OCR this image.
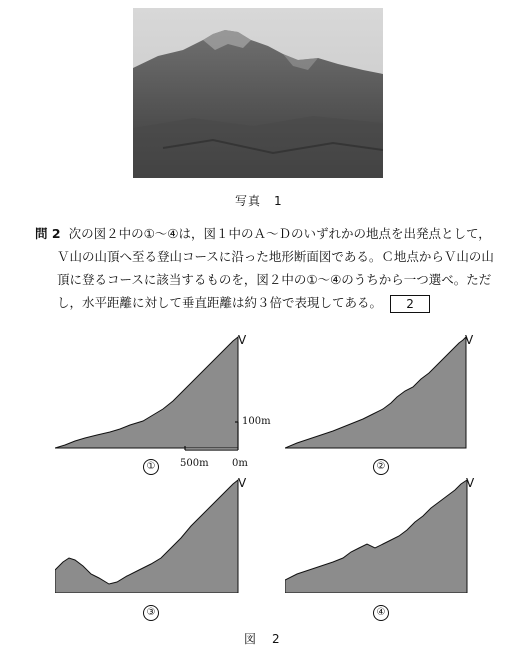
写真　1
問 2 次の図２中の①～④は，図１中のＡ～Ｄのいずれかの地点を出発点として，
Ｖ山の山頂へ至る登山コースに沿った地形断面図である。Ｃ地点からＶ山の山
頂に登るコースに該当するものを，図２中の①～④のうちから一つ選べ。ただ
し，水平距離に対して垂直距離は約３倍で表現してある。 2
V
①
100m
500m 0m
V
②
V
③
V
④
図　2
